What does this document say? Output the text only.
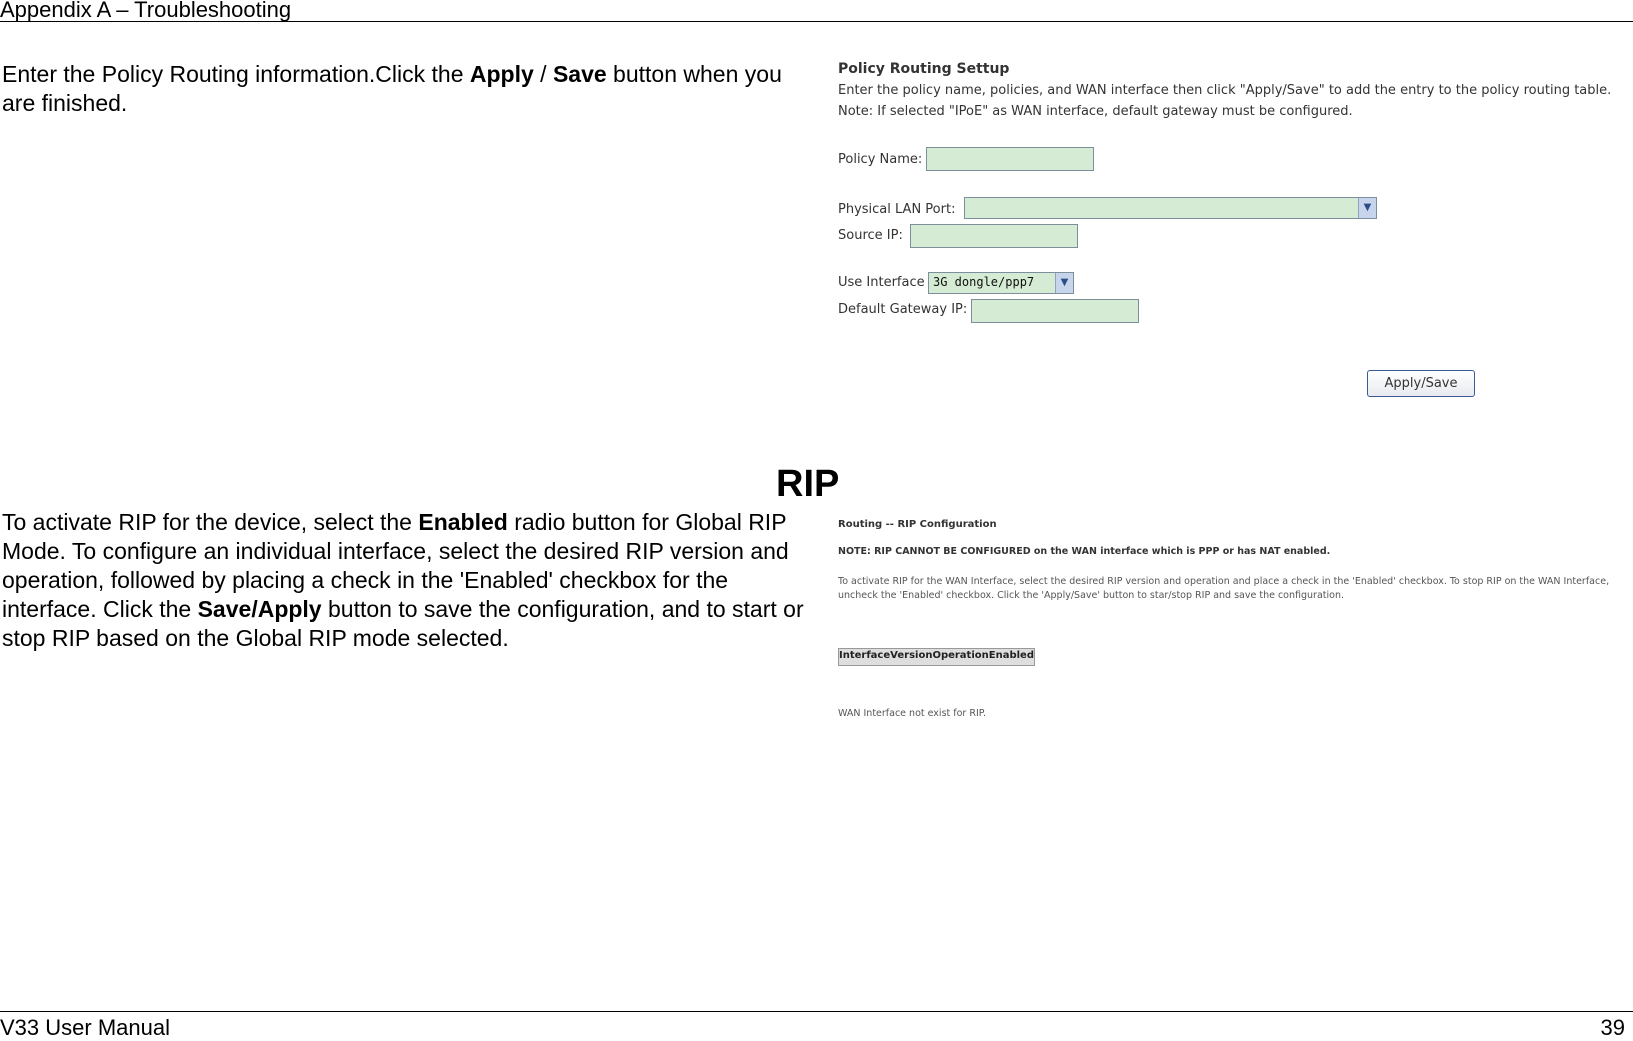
Appendix A – Troubleshooting
Enter the Policy Routing information.Click the Apply / Save button when you are finished.
Policy Routing Settup
Enter the policy name, policies, and WAN interface then click "Apply/Save" to add the entry to the policy routing table.
Note: If selected "IPoE" as WAN interface, default gateway must be configured.
Policy Name:
Physical LAN Port:	▼
Source IP:
Use Interface 3G dongle/ppp7	▼
Default Gateway IP:
Apply/Save
RIP
To activate RIP for the device, select the Enabled radio button for Global RIP Mode. To configure an individual interface, select the desired RIP version and operation, followed by placing a check in the 'Enabled' checkbox for the interface. Click the Save/Apply button to save the configuration, and to start or stop RIP based on the Global RIP mode selected.
Routing -- RIP Configuration
NOTE: RIP CANNOT BE CONFIGURED on the WAN interface which is PPP or has NAT enabled.
To activate RIP for the WAN Interface, select the desired RIP version and operation and place a check in the 'Enabled' checkbox. To stop RIP on the WAN Interface, uncheck the 'Enabled' checkbox. Click the 'Apply/Save' button to star/stop RIP and save the configuration.
Interface Version Operation Enabled
WAN Interface not exist for RIP.
V33 User Manual	39
